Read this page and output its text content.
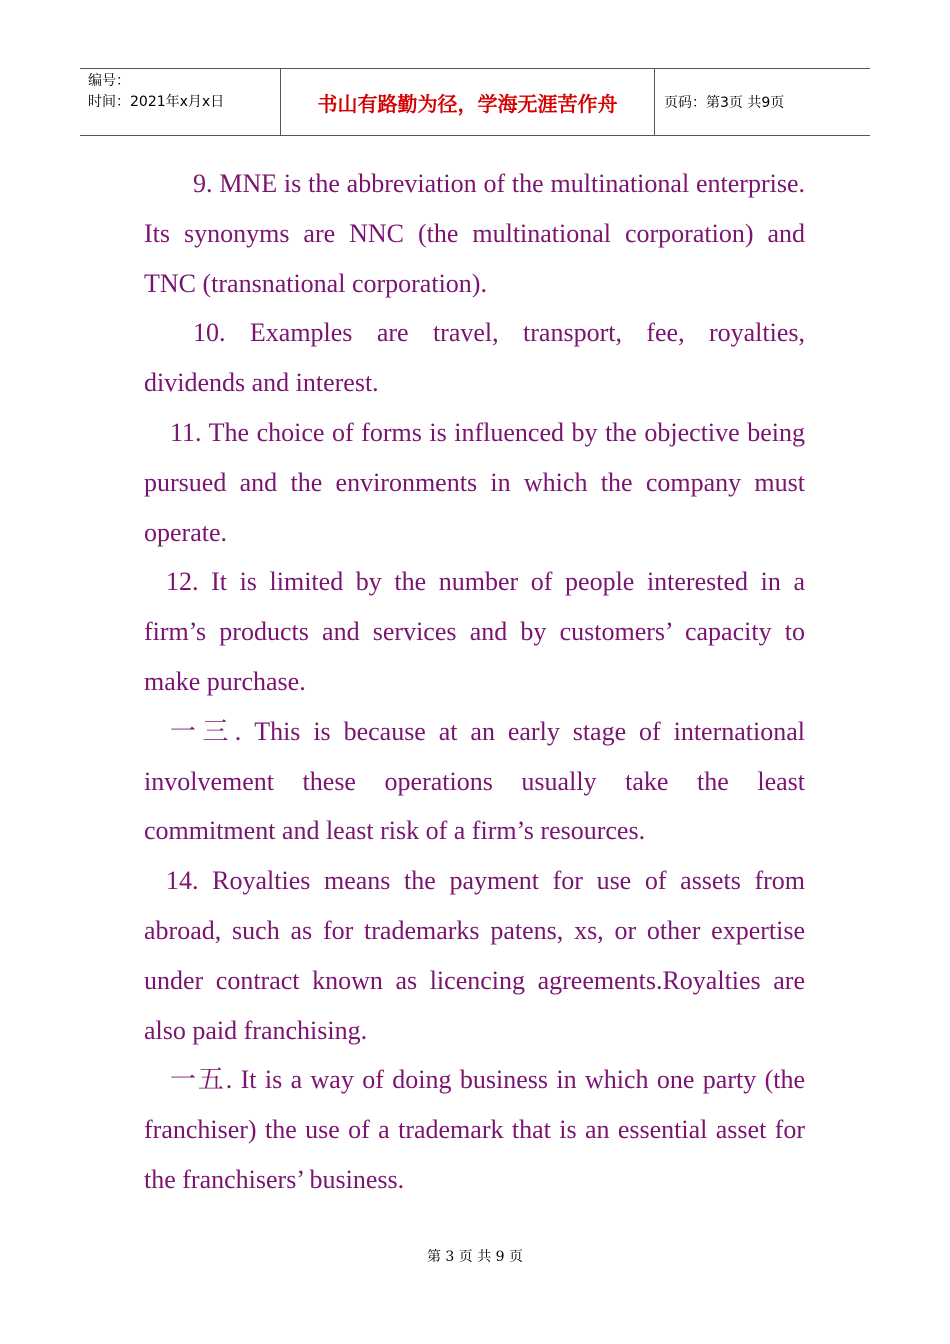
编号：
时间：2021年x月x日	书山有路勤为径，学海无涯苦作舟	页码：第3页 共9页

9. MNE is the abbreviation of the multinational enterprise. Its synonyms are NNC (the multinational corporation) and TNC (transnational corporation).

10. Examples are travel, transport, fee, royalties, dividends and interest.

11. The choice of forms is influenced by the objective being pursued and the environments in which the company must operate.

12. It is limited by the number of people interested in a firm’s products and services and by customers’ capacity to make purchase.

一三. This is because at an early stage of international involvement these operations usually take the least commitment and least risk of a firm’s resources.

14. Royalties means the payment for use of assets from abroad, such as for trademarks patens, xs, or other expertise under contract known as licencing agreements.Royalties are also paid franchising.

一五. It is a way of doing business in which one party (the franchiser) the use of a trademark that is an essential asset for the franchisers’ business.

第 3 页 共 9 页
